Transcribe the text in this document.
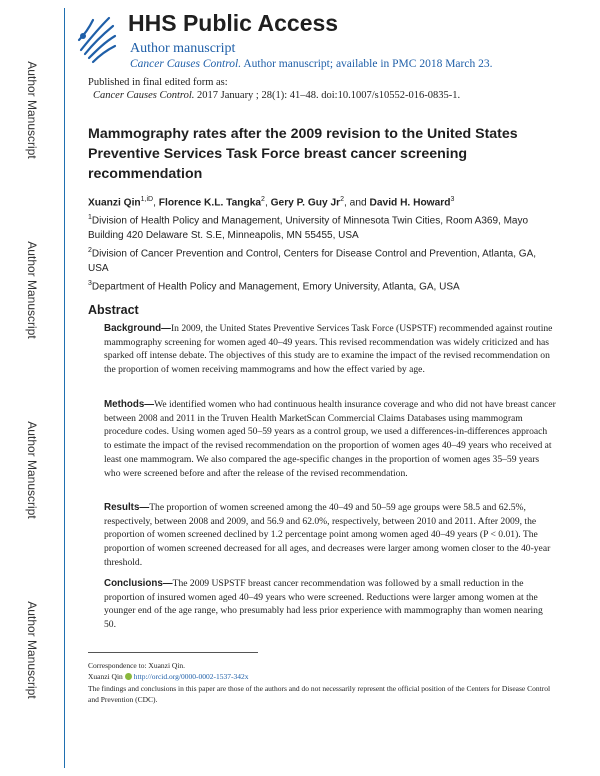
Author Manuscript
Author Manuscript
Author Manuscript
Author Manuscript
HHS Public Access
Author manuscript
Cancer Causes Control. Author manuscript; available in PMC 2018 March 23.
Published in final edited form as:
Cancer Causes Control. 2017 January ; 28(1): 41–48. doi:10.1007/s10552-016-0835-1.
Mammography rates after the 2009 revision to the United States Preventive Services Task Force breast cancer screening recommendation
Xuanzi Qin$^{1,iD}$, Florence K.L. Tangka$^2$, Gery P. Guy Jr$^2$, and David H. Howard$^3$
$^1$Division of Health Policy and Management, University of Minnesota Twin Cities, Room A369, Mayo Building 420 Delaware St. S.E, Minneapolis, MN 55455, USA
$^2$Division of Cancer Prevention and Control, Centers for Disease Control and Prevention, Atlanta, GA, USA
$^3$Department of Health Policy and Management, Emory University, Atlanta, GA, USA
Abstract
Background—In 2009, the United States Preventive Services Task Force (USPSTF) recommended against routine mammography screening for women aged 40–49 years. This revised recommendation was widely criticized and has sparked off intense debate. The objectives of this study are to examine the impact of the revised recommendation on the proportion of women receiving mammograms and how the effect varied by age.
Methods—We identified women who had continuous health insurance coverage and who did not have breast cancer between 2008 and 2011 in the Truven Health MarketScan Commercial Claims Databases using mammogram procedure codes. Using women aged 50–59 years as a control group, we used a differences-in-differences approach to estimate the impact of the revised recommendation on the proportion of women ages 40–49 years who received at least one mammogram. We also compared the age-specific changes in the proportion of women ages 35–59 years who were screened before and after the release of the revised recommendation.
Results—The proportion of women screened among the 40–49 and 50–59 age groups were 58.5 and 62.5%, respectively, between 2008 and 2009, and 56.9 and 62.0%, respectively, between 2010 and 2011. After 2009, the proportion of women screened declined by 1.2 percentage point among women aged 40–49 years (P < 0.01). The proportion of women screened decreased for all ages, and decreases were larger among women closer to the 40-year threshold.
Conclusions—The 2009 USPSTF breast cancer recommendation was followed by a small reduction in the proportion of insured women aged 40–49 years who were screened. Reductions were larger among women at the younger end of the age range, who presumably had less prior experience with mammography than women nearing 50.
Correspondence to: Xuanzi Qin.
Xuanzi Qin http://orcid.org/0000-0002-1537-342x
The findings and conclusions in this paper are those of the authors and do not necessarily represent the official position of the Centers for Disease Control and Prevention (CDC).
